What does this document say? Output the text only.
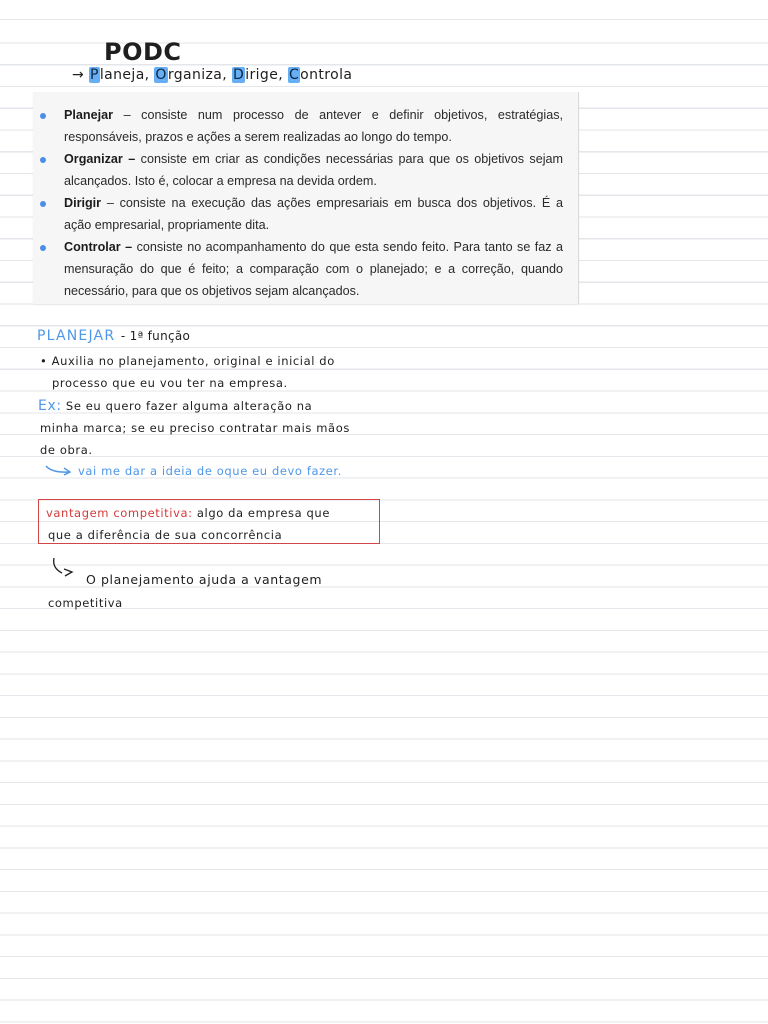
PODC
→ Planeja, Organiza, Dirige, Controla
Planejar – consiste num processo de antever e definir objetivos, estratégias, responsáveis, prazos e ações a serem realizadas ao longo do tempo.
Organizar – consiste em criar as condições necessárias para que os objetivos sejam alcançados. Isto é, colocar a empresa na devida ordem.
Dirigir – consiste na execução das ações empresariais em busca dos objetivos. É a ação empresarial, propriamente dita.
Controlar – consiste no acompanhamento do que esta sendo feito. Para tanto se faz a mensuração do que é feito; a comparação com o planejado; e a correção, quando necessário, para que os objetivos sejam alcançados.
PLANEJAR - 1ª função
• Auxilia no planejamento, original e inicial do
processo que eu vou ter na empresa.
Ex: Se eu quero fazer alguma alteração na
minha marca; se eu preciso contratar mais mãos
de obra.
vai me dar a ideia de oque eu devo fazer.
vantagem competitiva: algo da empresa que
que a diferência de sua concorrência
O planejamento ajuda a vantagem
competitiva
